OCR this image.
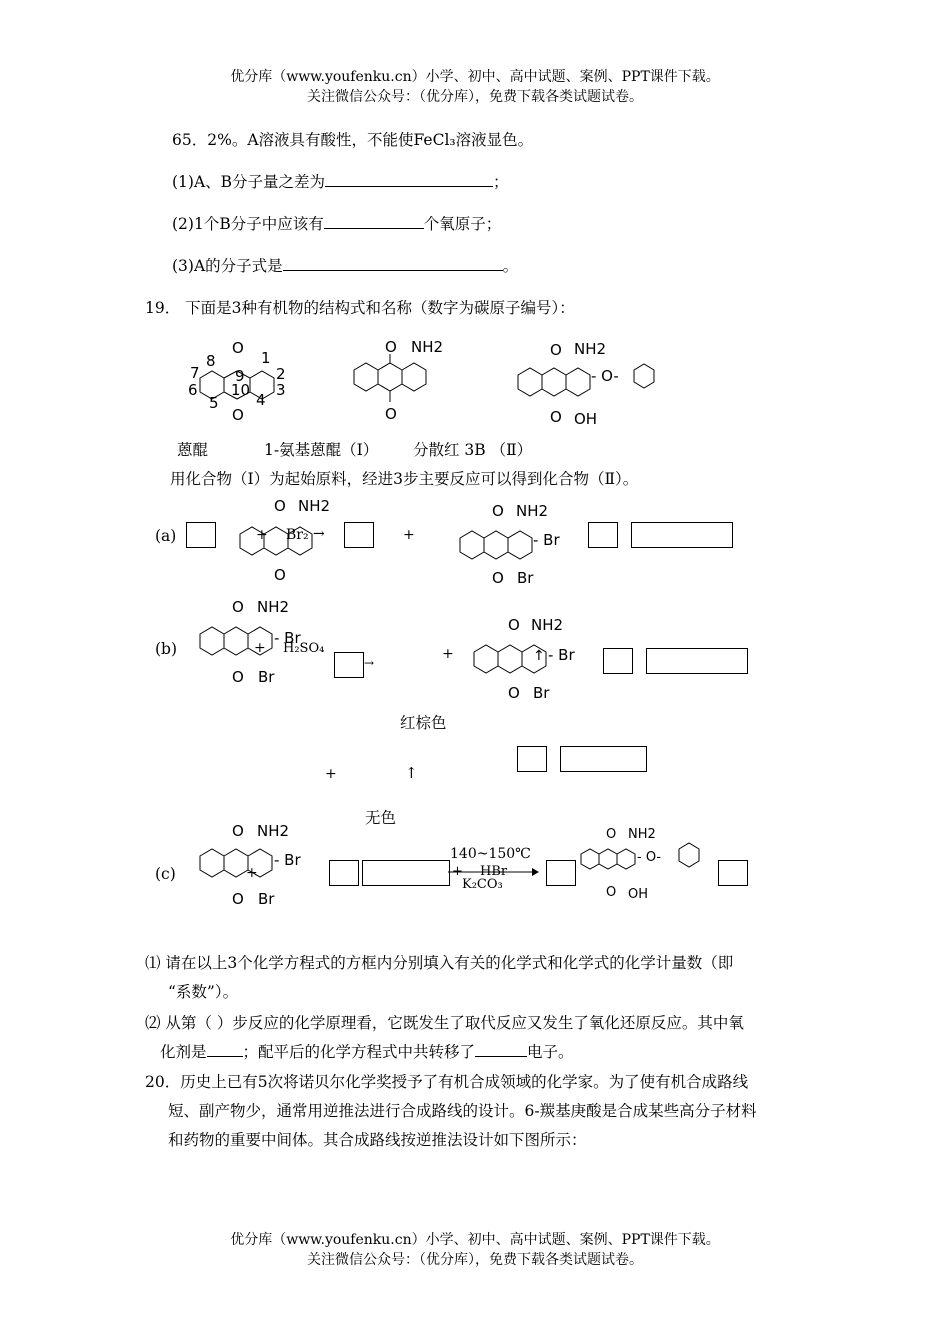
优分库（www.youfenku.cn）小学、初中、高中试题、案例、PPT课件下载。
关注微信公众号：（优分库），免费下载各类试题试卷。
65．2%。A溶液具有酸性，不能使FeCl₃溶液显色。
(1)A、B分子量之差为	；
(2)1个B分子中应该有	个氧原子；
(3)A的分子式是	。
19． 下面是3种有机物的结构式和名称（数字为碳原子编号）：
O
O
8	1
7 9 2
6 10 3
5 4
O NH2
O
O NH2
- O-
O OH
蒽醌	1-氨基蒽醌（Ⅰ） 分散红 3B （Ⅱ）
用化合物（Ⅰ）为起始原料，经进3步主要反应可以得到化合物（Ⅱ）。
(a)
O NH2
O
+ Br₂ →	+
O NH2
- Br
O Br
(b)
O NH2
- Br
O Br
+ H₂SO₄
→
+
O NH2
↑ - Br
O Br
红棕色
+	↑
无色
(c)
O NH2
- Br
O Br
+
140~150℃
+ HBr
K₂CO₃
O NH2
- O-
O OH
⑴ 请在以上3个化学方程式的方框内分别填入有关的化学式和化学式的化学计量数（即
“系数”）。
⑵ 从第（ ）步反应的化学原理看，它既发生了取代反应又发生了氧化还原反应。其中氧
化剂是 ；配平后的化学方程式中共转移了	电子。
20．历史上已有5次将诺贝尔化学奖授予了有机合成领域的化学家。为了使有机合成路线
短、副产物少，通常用逆推法进行合成路线的设计。6-羰基庚酸是合成某些高分子材料
和药物的重要中间体。其合成路线按逆推法设计如下图所示：
优分库（www.youfenku.cn）小学、初中、高中试题、案例、PPT课件下载。
关注微信公众号：（优分库），免费下载各类试题试卷。
